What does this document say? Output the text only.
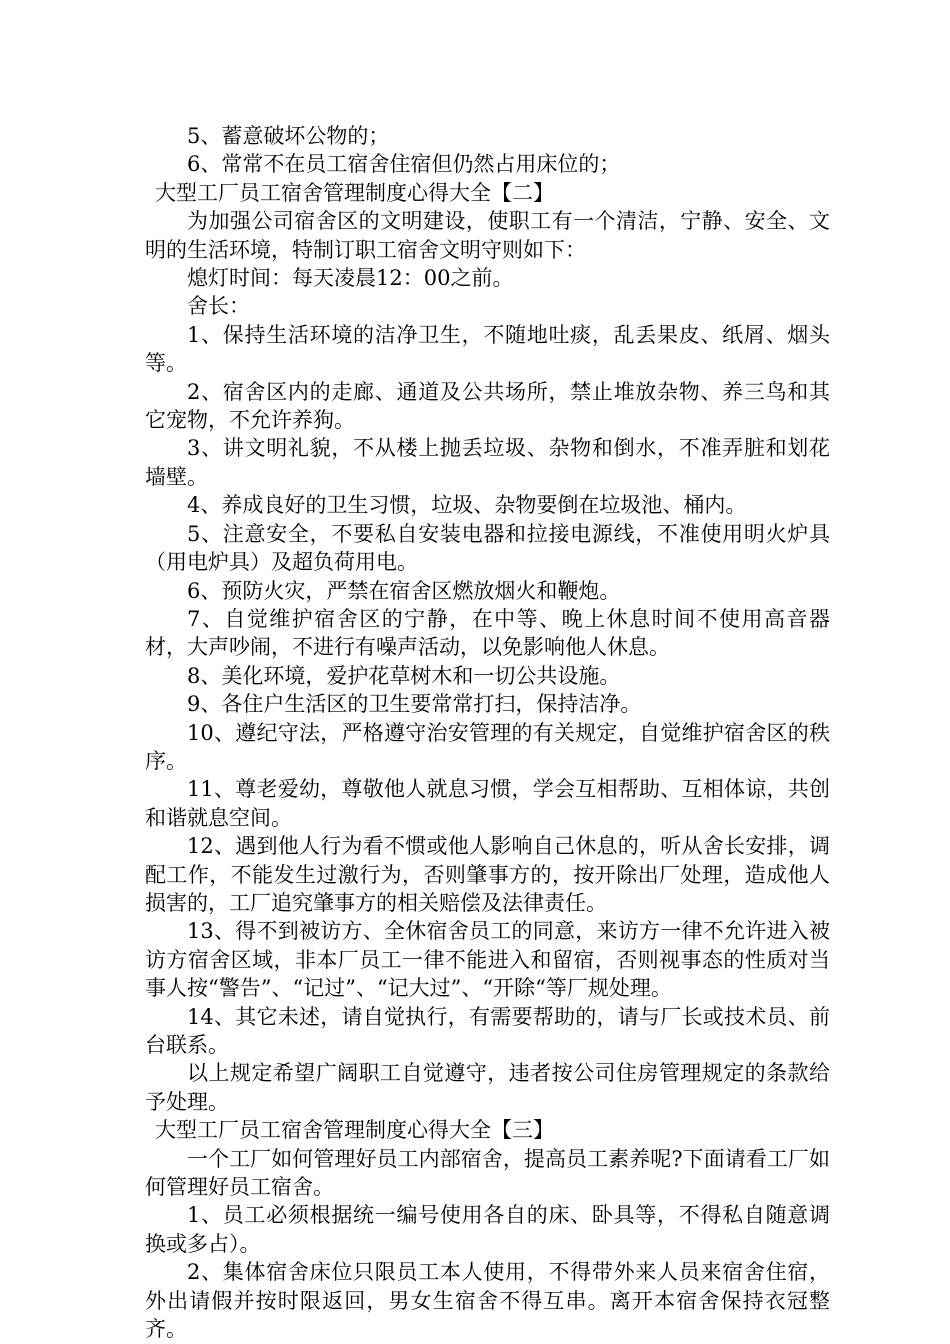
5、蓄意破坏公物的；

6、常常不在员工宿舍住宿但仍然占用床位的；

大型工厂员工宿舍管理制度心得大全【二】

为加强公司宿舍区的文明建设，使职工有一个清洁，宁静、安全、文明的生活环境，特制订职工宿舍文明守则如下：

熄灯时间：每天凌晨12：00之前。

舍长：

1、保持生活环境的洁净卫生，不随地吐痰，乱丢果皮、纸屑、烟头等。

2、宿舍区内的走廊、通道及公共场所，禁止堆放杂物、养三鸟和其它宠物，不允许养狗。

3、讲文明礼貌，不从楼上抛丢垃圾、杂物和倒水，不准弄脏和划花墙壁。

4、养成良好的卫生习惯，垃圾、杂物要倒在垃圾池、桶内。

5、注意安全，不要私自安装电器和拉接电源线，不准使用明火炉具（用电炉具）及超负荷用电。

6、预防火灾，严禁在宿舍区燃放烟火和鞭炮。

7、自觉维护宿舍区的宁静，在中等、晚上休息时间不使用高音器材，大声吵闹，不进行有噪声活动，以免影响他人休息。

8、美化环境，爱护花草树木和一切公共设施。

9、各住户生活区的卫生要常常打扫，保持洁净。

10、遵纪守法，严格遵守治安管理的有关规定，自觉维护宿舍区的秩序。

11、尊老爱幼，尊敬他人就息习惯，学会互相帮助、互相体谅，共创和谐就息空间。

12、遇到他人行为看不惯或他人影响自己休息的，听从舍长安排，调配工作，不能发生过激行为，否则肇事方的，按开除出厂处理，造成他人损害的，工厂追究肇事方的相关赔偿及法律责任。

13、得不到被访方、全休宿舍员工的同意，来访方一律不允许进入被访方宿舍区域，非本厂员工一律不能进入和留宿，否则视事态的性质对当事人按“警告”、“记过”、“记大过”、“开除“等厂规处理。

14、其它未述，请自觉执行，有需要帮助的，请与厂长或技术员、前台联系。

以上规定希望广阔职工自觉遵守，违者按公司住房管理规定的条款给予处理。

大型工厂员工宿舍管理制度心得大全【三】

一个工厂如何管理好员工内部宿舍，提高员工素养呢?下面请看工厂如何管理好员工宿舍。

1、员工必须根据统一编号使用各自的床、卧具等，不得私自随意调换或多占）。

2、集体宿舍床位只限员工本人使用，不得带外来人员来宿舍住宿，外出请假并按时限返回，男女生宿舍不得互串。离开本宿舍保持衣冠整齐。
